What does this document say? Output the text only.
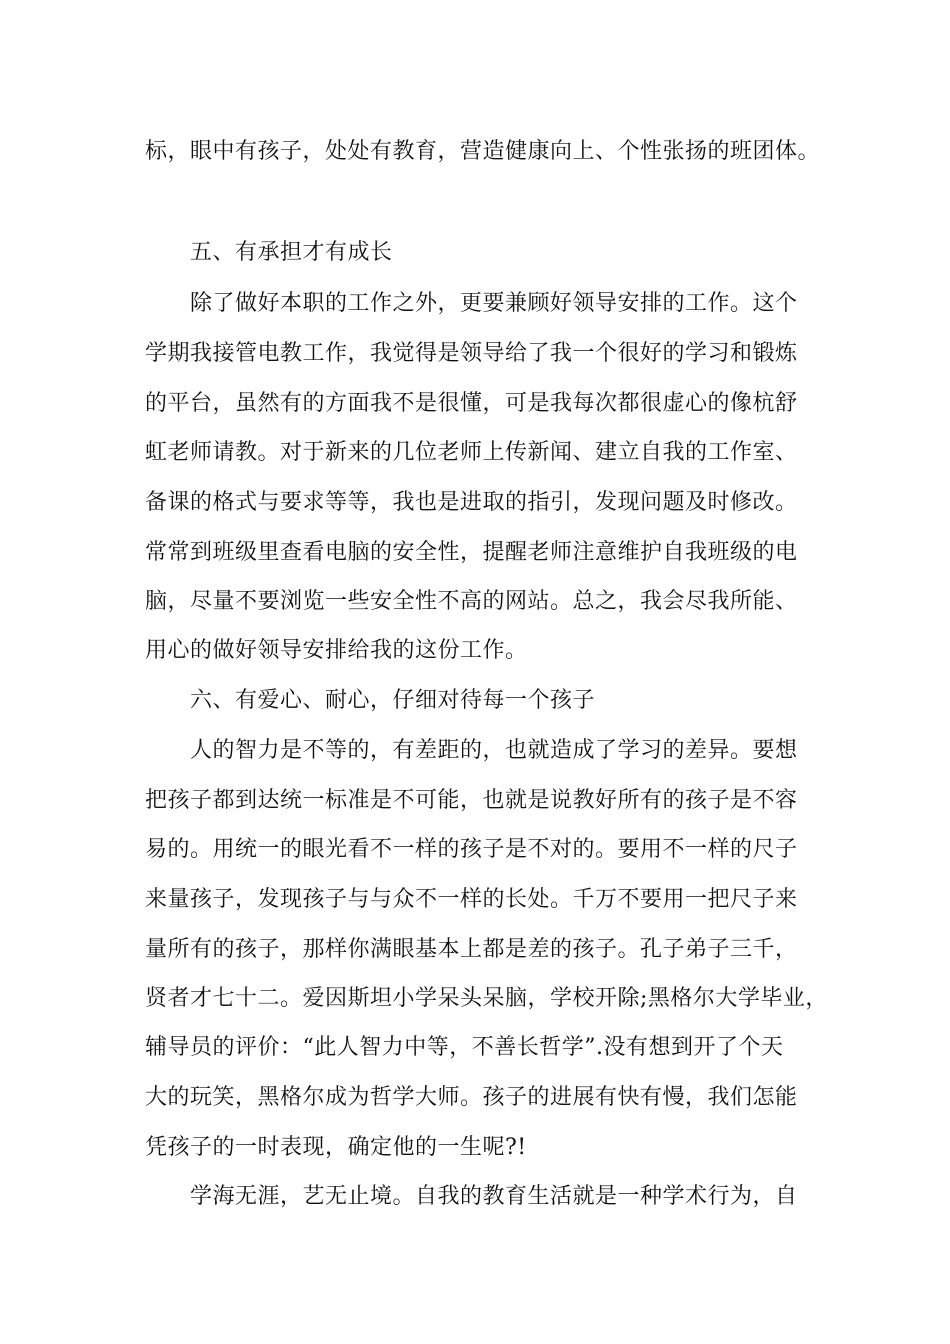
标，眼中有孩子，处处有教育，营造健康向上、个性张扬的班团体。
五、有承担才有成长
除了做好本职的工作之外，更要兼顾好领导安排的工作。这个
学期我接管电教工作，我觉得是领导给了我一个很好的学习和锻炼
的平台，虽然有的方面我不是很懂，可是我每次都很虚心的像杭舒
虹老师请教。对于新来的几位老师上传新闻、建立自我的工作室、
备课的格式与要求等等，我也是进取的指引，发现问题及时修改。
常常到班级里查看电脑的安全性，提醒老师注意维护自我班级的电
脑，尽量不要浏览一些安全性不高的网站。总之，我会尽我所能、
用心的做好领导安排给我的这份工作。
六、有爱心、耐心，仔细对待每一个孩子
人的智力是不等的，有差距的，也就造成了学习的差异。要想
把孩子都到达统一标准是不可能，也就是说教好所有的孩子是不容
易的。用统一的眼光看不一样的孩子是不对的。要用不一样的尺子
来量孩子，发现孩子与与众不一样的长处。千万不要用一把尺子来
量所有的孩子，那样你满眼基本上都是差的孩子。孔子弟子三千，
贤者才七十二。爱因斯坦小学呆头呆脑，学校开除;黑格尔大学毕业，
辅导员的评价：“此人智力中等，不善长哲学”.没有想到开了个天
大的玩笑，黑格尔成为哲学大师。孩子的进展有快有慢，我们怎能
凭孩子的一时表现，确定他的一生呢?!
学海无涯，艺无止境。自我的教育生活就是一种学术行为，自
